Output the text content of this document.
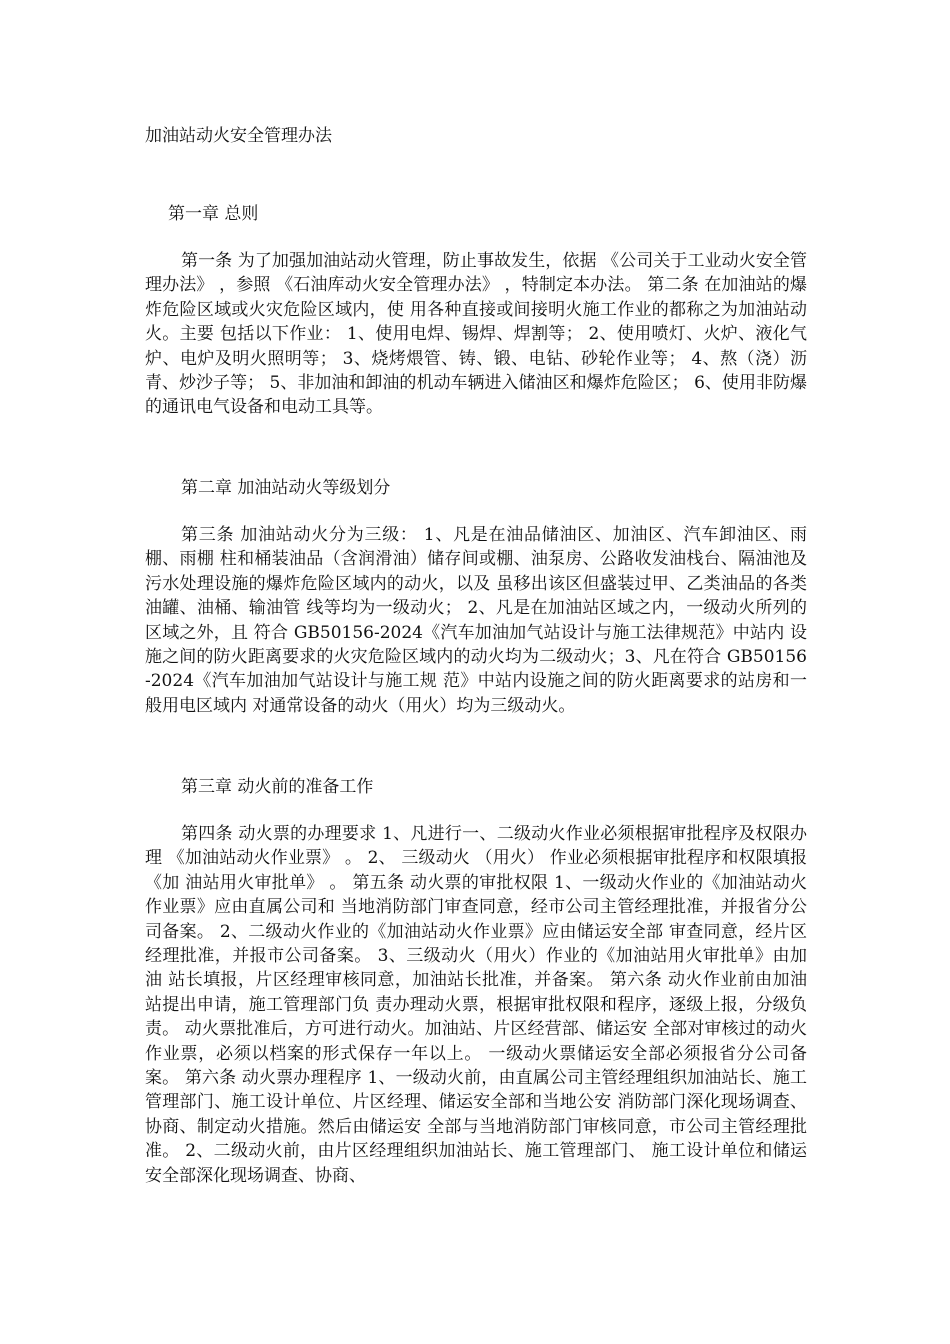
加油站动火安全管理办法
第一章 总则

第一条 为了加强加油站动火管理，防止事故发生，依据 《公司关于工业动火安全管理办法》 ，参照 《石油库动火安全管理办法》 ，特制定本办法。 第二条 在加油站的爆炸危险区域或火灾危险区域内，使 用各种直接或间接明火施工作业的都称之为加油站动火。主要 包括以下作业： 1、使用电焊、锡焊、焊割等； 2、使用喷灯、火炉、液化气炉、电炉及明火照明等； 3、烧烤煨管、铸、锻、电钻、砂轮作业等； 4、熬（浇）沥青、炒沙子等； 5、非加油和卸油的机动车辆进入储油区和爆炸危险区； 6、使用非防爆的通讯电气设备和电动工具等。

第二章 加油站动火等级划分

第三条 加油站动火分为三级： 1、凡是在油品储油区、加油区、汽车卸油区、雨棚、雨棚 柱和桶装油品（含润滑油）储存间或棚、油泵房、公路收发油栈台、隔油池及污水处理设施的爆炸危险区域内的动火，以及 虽移出该区但盛装过甲、乙类油品的各类油罐、油桶、输油管 线等均为一级动火； 2、凡是在加油站区域之内，一级动火所列的区域之外，且 符合 GB50156-2024《汽车加油加气站设计与施工法律规范》中站内 设施之间的防火距离要求的火灾危险区域内的动火均为二级动火；3、凡在符合 GB50156-2024《汽车加油加气站设计与施工规 范》中站内设施之间的防火距离要求的站房和一般用电区域内 对通常设备的动火（用火）均为三级动火。

第三章 动火前的准备工作

第四条 动火票的办理要求 1、凡进行一、二级动火作业必须根据审批程序及权限办理 《加油站动火作业票》 。 2、 三级动火 （用火） 作业必须根据审批程序和权限填报 《加 油站用火审批单》 。 第五条 动火票的审批权限 1、一级动火作业的《加油站动火作业票》应由直属公司和 当地消防部门审查同意，经市公司主管经理批准，并报省分公 司备案。 2、二级动火作业的《加油站动火作业票》应由储运安全部 审查同意，经片区经理批准，并报市公司备案。 3、三级动火（用火）作业的《加油站用火审批单》由加油 站长填报，片区经理审核同意，加油站长批准，并备案。 第六条 动火作业前由加油站提出申请，施工管理部门负 责办理动火票，根据审批权限和程序，逐级上报，分级负责。 动火票批准后，方可进行动火。加油站、片区经营部、储运安 全部对审核过的动火作业票，必须以档案的形式保存一年以上。 一级动火票储运安全部必须报省分公司备案。 第六条 动火票办理程序 1、一级动火前，由直属公司主管经理组织加油站长、施工 管理部门、施工设计单位、片区经理、储运安全部和当地公安 消防部门深化现场调查、协商、制定动火措施。然后由储运安 全部与当地消防部门审核同意，市公司主管经理批准。 2、二级动火前，由片区经理组织加油站长、施工管理部门、 施工设计单位和储运安全部深化现场调查、协商、
